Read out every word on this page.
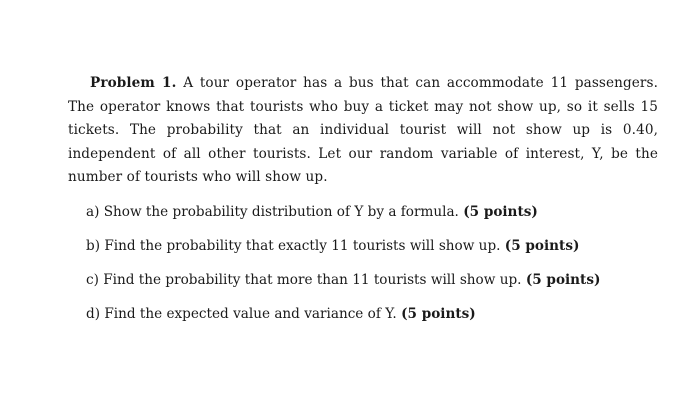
Problem 1. A tour operator has a bus that can accommodate 11 passengers. The operator knows that tourists who buy a ticket may not show up, so it sells 15 tickets. The probability that an individual tourist will not show up is 0.40, independent of all other tourists. Let our random variable of interest, Y, be the number of tourists who will show up.

a) Show the probability distribution of Y by a formula. (5 points)
b) Find the probability that exactly 11 tourists will show up. (5 points)
c) Find the probability that more than 11 tourists will show up. (5 points)
d) Find the expected value and variance of Y. (5 points)
